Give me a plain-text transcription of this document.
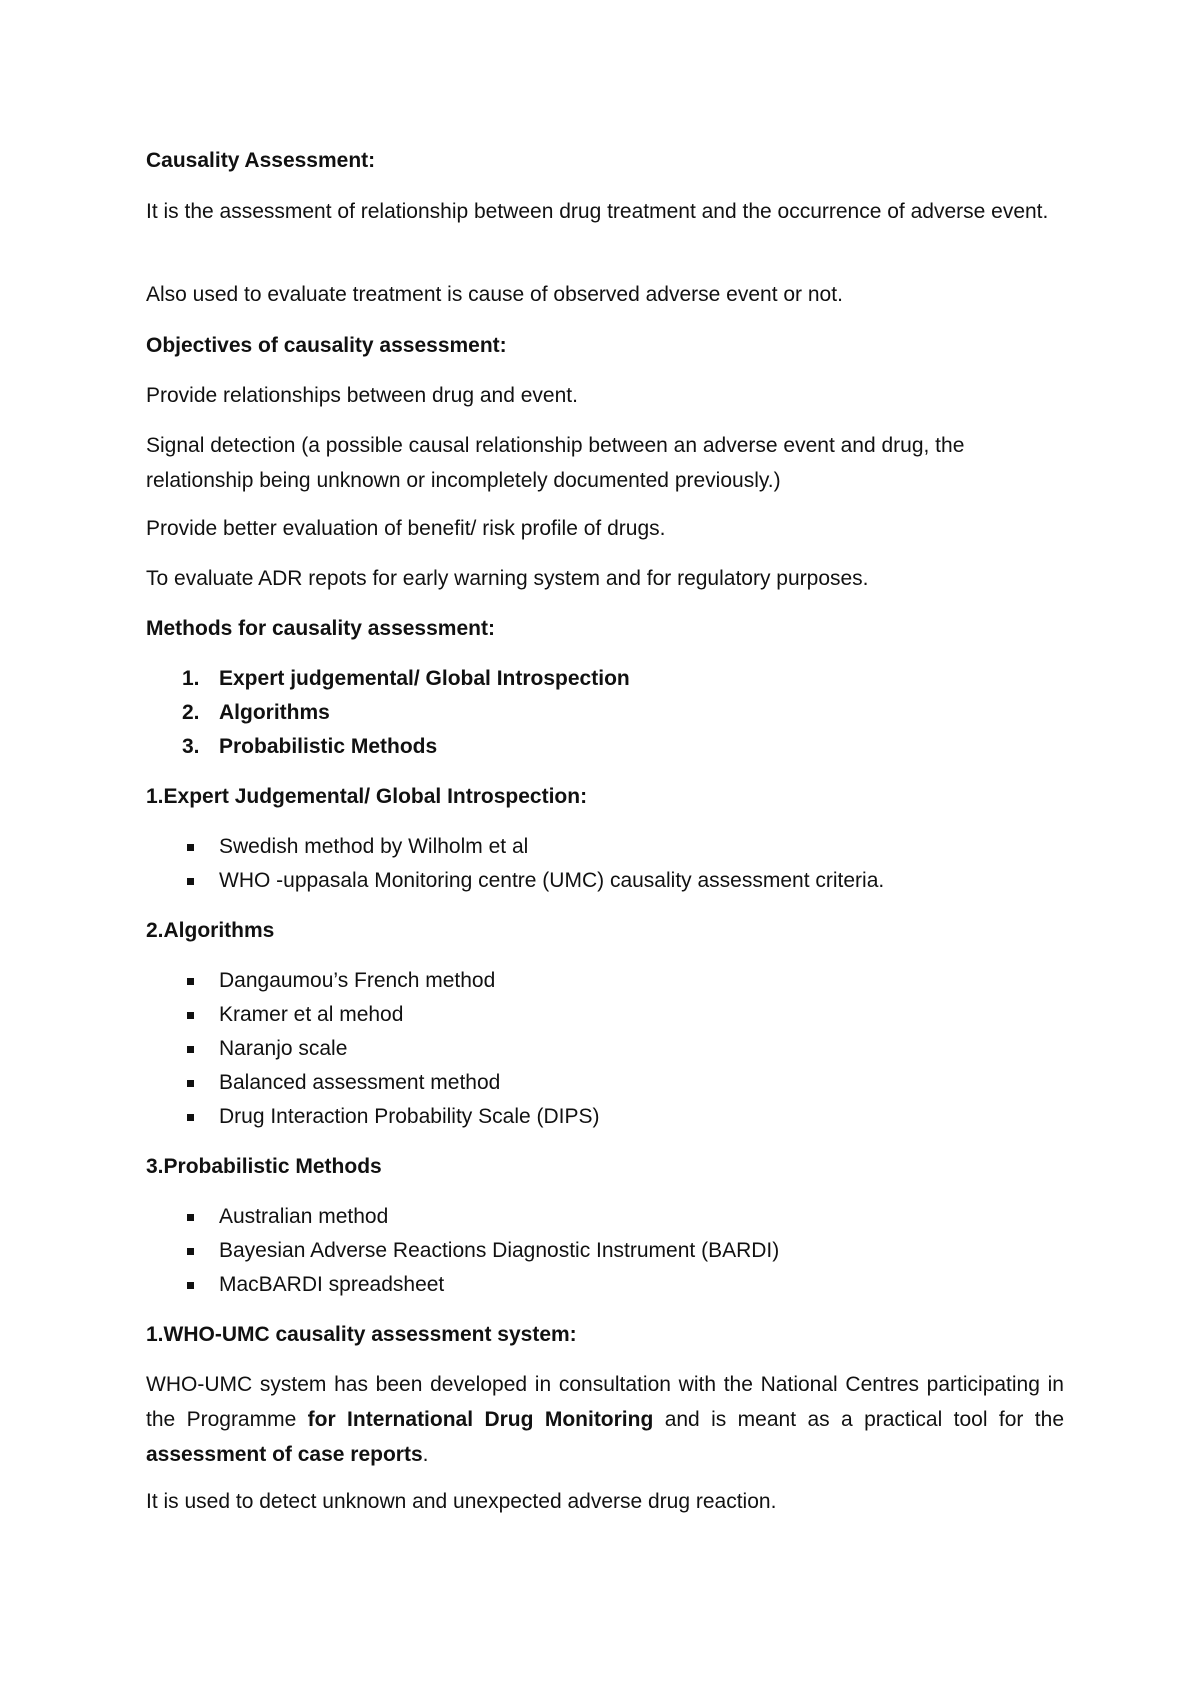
Causality Assessment:

It is the assessment of relationship between drug treatment and the occurrence of adverse event.

Also used to evaluate treatment is cause of observed adverse event or not.

Objectives of causality assessment:

Provide relationships between drug and event.

Signal detection (a possible causal relationship between an adverse event and drug, the relationship being unknown or incompletely documented previously.)

Provide better evaluation of benefit/ risk profile of drugs.

To evaluate ADR repots for early warning system and for regulatory purposes.

Methods for causality assessment:

1. Expert judgemental/ Global Introspection
2. Algorithms
3. Probabilistic Methods

1.Expert Judgemental/ Global Introspection:

Swedish method by Wilholm et al
WHO -uppasala Monitoring centre (UMC) causality assessment criteria.

2.Algorithms

Dangaumou’s French method
Kramer et al mehod
Naranjo scale
Balanced assessment method
Drug Interaction Probability Scale (DIPS)

3.Probabilistic Methods

Australian method
Bayesian Adverse Reactions Diagnostic Instrument (BARDI)
MacBARDI spreadsheet

1.WHO-UMC causality assessment system:

WHO-UMC system has been developed in consultation with the National Centres participating in the Programme for International Drug Monitoring and is meant as a practical tool for the assessment of case reports.

It is used to detect unknown and unexpected adverse drug reaction.
